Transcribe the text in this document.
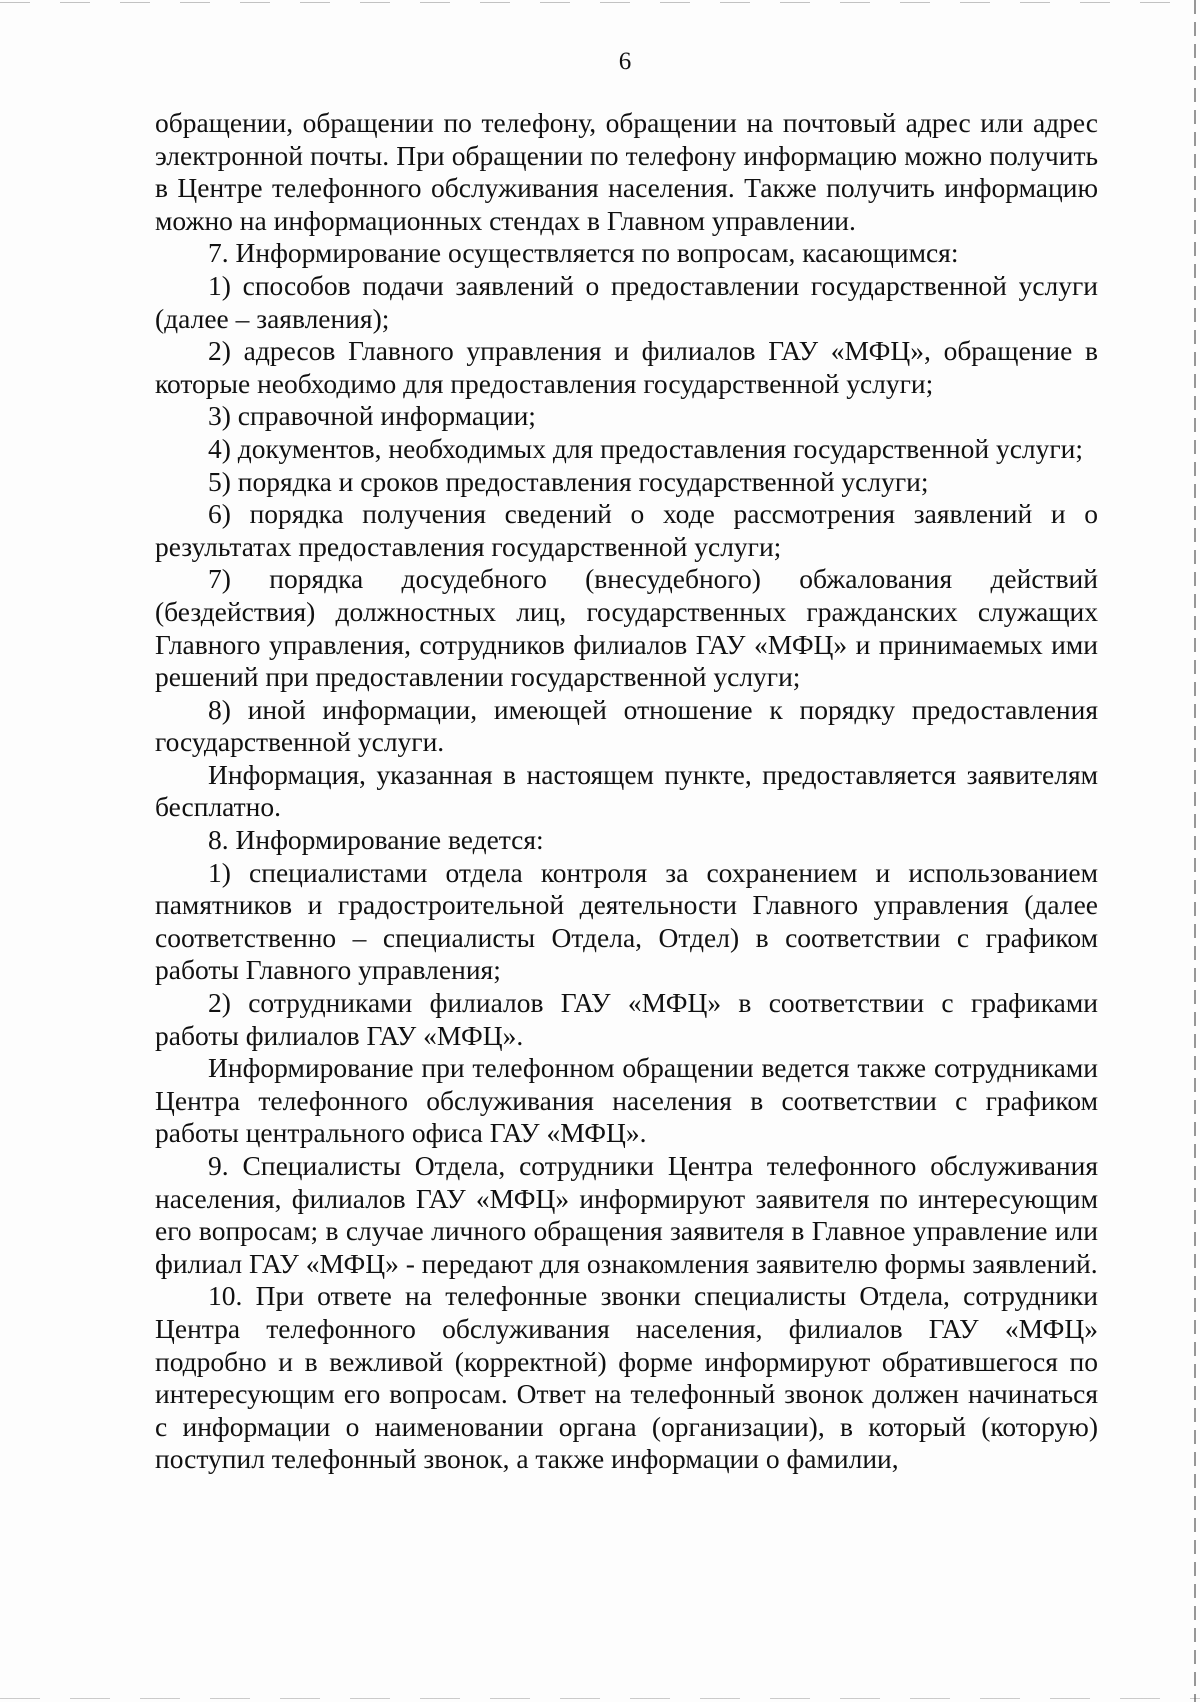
6

обращении, обращении по телефону, обращении на почтовый адрес или адрес электронной почты. При обращении по телефону информацию можно получить в Центре телефонного обслуживания населения. Также получить информацию можно на информационных стендах в Главном управлении.

7. Информирование осуществляется по вопросам, касающимся:

1) способов подачи заявлений о предоставлении государственной услуги (далее – заявления);

2) адресов Главного управления и филиалов ГАУ «МФЦ», обращение в которые необходимо для предоставления государственной услуги;

3) справочной информации;

4) документов, необходимых для предоставления государственной услуги;

5) порядка и сроков предоставления государственной услуги;

6) порядка получения сведений о ходе рассмотрения заявлений и о результатах предоставления государственной услуги;

7) порядка досудебного (внесудебного) обжалования действий (бездействия) должностных лиц, государственных гражданских служащих Главного управления, сотрудников филиалов ГАУ «МФЦ» и принимаемых ими решений при предоставлении государственной услуги;

8) иной информации, имеющей отношение к порядку предоставления государственной услуги.

Информация, указанная в настоящем пункте, предоставляется заявителям бесплатно.

8. Информирование ведется:

1) специалистами отдела контроля за сохранением и использованием памятников и градостроительной деятельности Главного управления (далее соответственно – специалисты Отдела, Отдел) в соответствии с графиком работы Главного управления;

2) сотрудниками филиалов ГАУ «МФЦ» в соответствии с графиками работы филиалов ГАУ «МФЦ».

Информирование при телефонном обращении ведется также сотрудниками Центра телефонного обслуживания населения в соответствии с графиком работы центрального офиса ГАУ «МФЦ».

9. Специалисты Отдела, сотрудники Центра телефонного обслуживания населения, филиалов ГАУ «МФЦ» информируют заявителя по интересующим его вопросам; в случае личного обращения заявителя в Главное управление или филиал ГАУ «МФЦ» - передают для ознакомления заявителю формы заявлений.

10. При ответе на телефонные звонки специалисты Отдела, сотрудники Центра телефонного обслуживания населения, филиалов ГАУ «МФЦ» подробно и в вежливой (корректной) форме информируют обратившегося по интересующим его вопросам. Ответ на телефонный звонок должен начинаться с информации о наименовании органа (организации), в который (которую) поступил телефонный звонок, а также информации о фамилии,
